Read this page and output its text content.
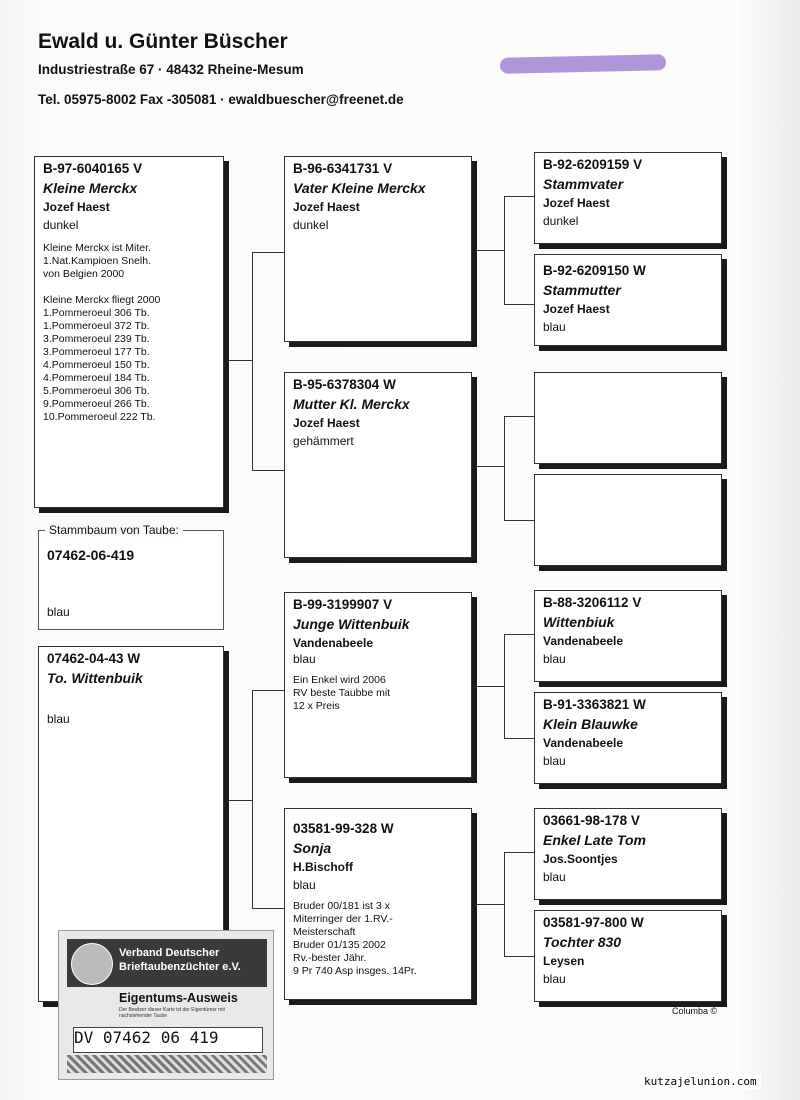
Ewald u. Günter Büscher
Industriestraße 67 · 48432 Rheine-Mesum
Tel. 05975-8002 Fax -305081 · ewaldbuescher@freenet.de
B-97-6040165 V
Kleine Merckx
Jozef Haest
dunkel
Kleine Merckx ist Miter.
1.Nat.Kampioen Snelh.
von Belgien 2000
Kleine Merckx fliegt 2000
1.Pommeroeul 306 Tb.
1.Pommeroeul 372 Tb.
3.Pommeroeul 239 Tb.
3.Pommeroeul 177 Tb.
4.Pommeroeul 150 Tb.
4.Pommeroeul 184 Tb.
5.Pommeroeul 306 Tb.
9.Pommeroeul 266 Tb.
10.Pommeroeul 222 Tb.
Stammbaum von Taube:
07462-06-419
blau
07462-04-43 W
To. Wittenbuik
blau
B-96-6341731 V
Vater Kleine Merckx
Jozef Haest
dunkel
B-95-6378304 W
Mutter Kl. Merckx
Jozef Haest
gehämmert
B-99-3199907 V
Junge Wittenbuik
Vandenabeele
blau
Ein Enkel wird 2006
RV beste Taubbe mit
12 x Preis
03581-99-328 W
Sonja
H.Bischoff
blau
Bruder 00/181 ist 3 x
Miterringer der 1.RV.-
Meisterschaft
Bruder 01/135 2002
Rv.-bester Jähr.
9 Pr 740 Asp insges. 14Pr.
B-92-6209159 V
Stammvater
Jozef Haest
dunkel
B-92-6209150 W
Stammutter
Jozef Haest
blau
B-88-3206112 V
Wittenbiuk
Vandenabeele
blau
B-91-3363821 W
Klein Blauwke
Vandenabeele
blau
03661-98-178 V
Enkel Late Tom
Jos.Soontjes
blau
03581-97-800 W
Tochter 830
Leysen
blau
Columba ©
Verband Deutscher
Brieftaubenzüchter e.V.
Eigentums-Ausweis
Der Besitzer dieser Karte ist der Eigentümer mit nachstehender Taube
DV 07462 06 419
kutzajelunion.com
